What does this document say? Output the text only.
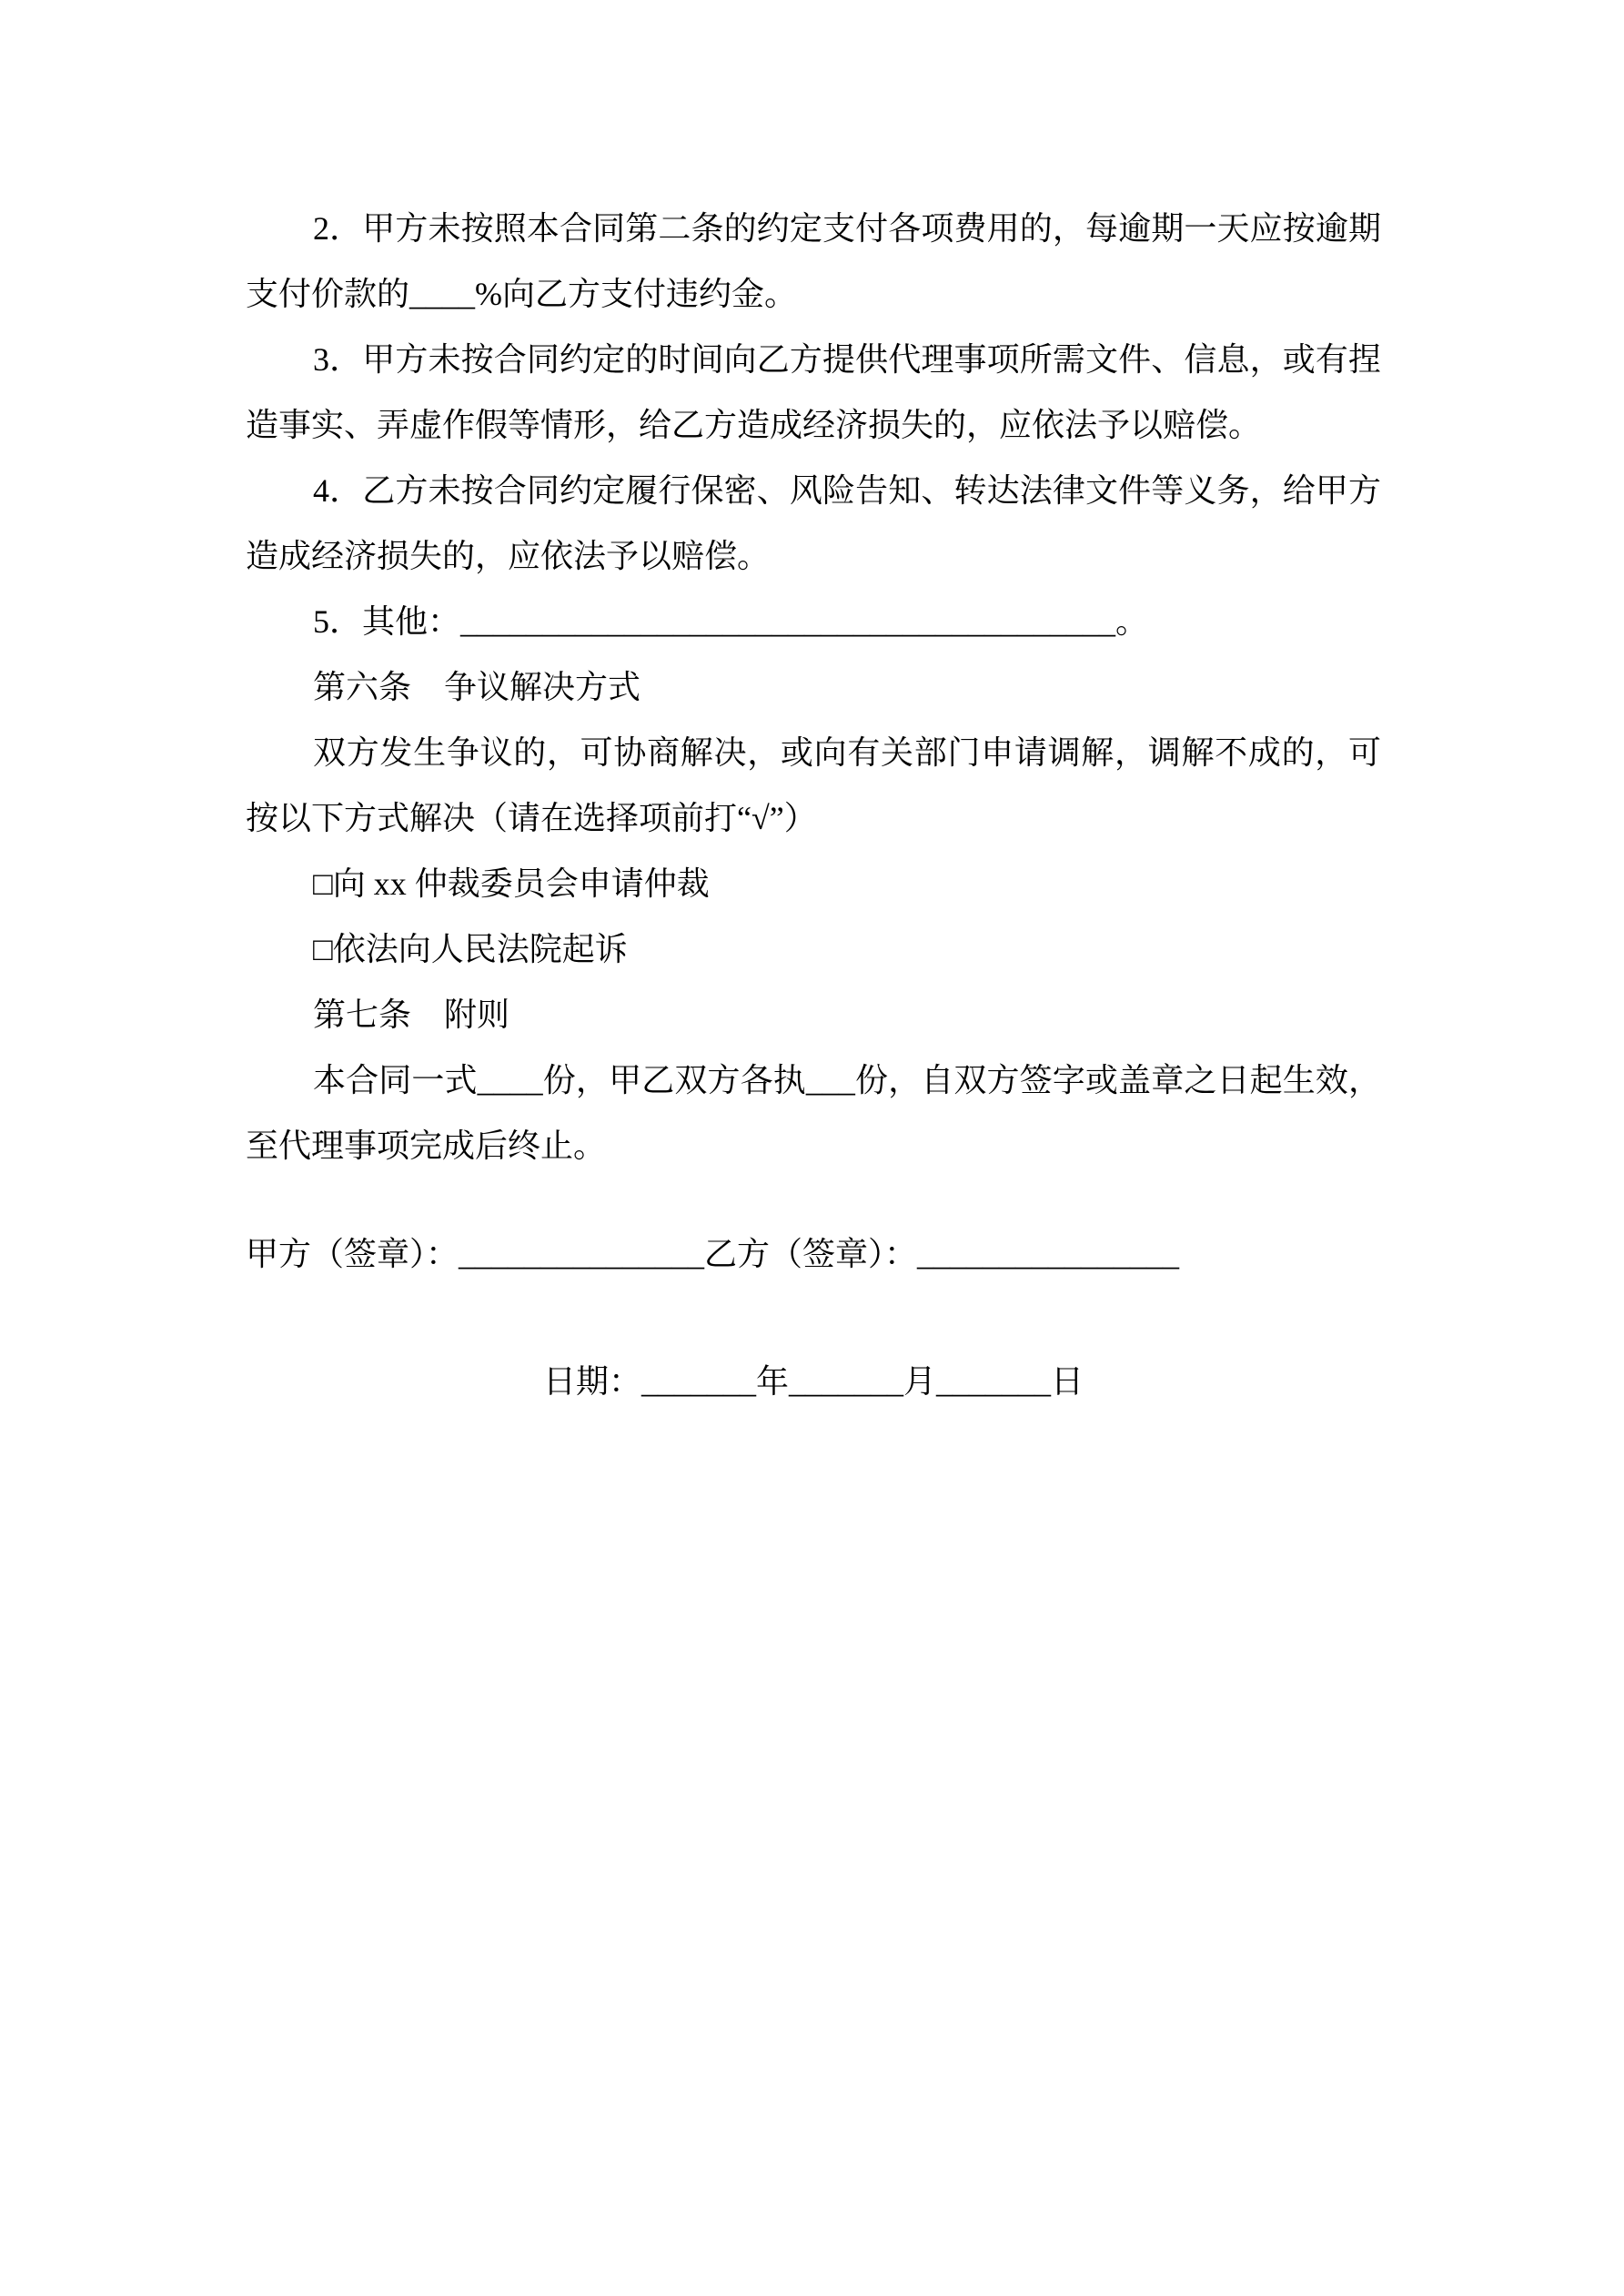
2．甲方未按照本合同第二条的约定支付各项费用的，每逾期一天应按逾期支付价款的____%向乙方支付违约金。

3．甲方未按合同约定的时间向乙方提供代理事项所需文件、信息，或有捏造事实、弄虚作假等情形，给乙方造成经济损失的，应依法予以赔偿。

4．乙方未按合同约定履行保密、风险告知、转达法律文件等义务，给甲方造成经济损失的，应依法予以赔偿。

5．其他：________________________________________。

第六条　争议解决方式

双方发生争议的，可协商解决，或向有关部门申请调解，调解不成的，可按以下方式解决（请在选择项前打“√”）

□向 xx 仲裁委员会申请仲裁

□依法向人民法院起诉

第七条　附则

本合同一式____份，甲乙双方各执___份，自双方签字或盖章之日起生效，至代理事项完成后终止。

甲方（签章）：_______________乙方（签章）：________________

日期：_______年_______月_______日
